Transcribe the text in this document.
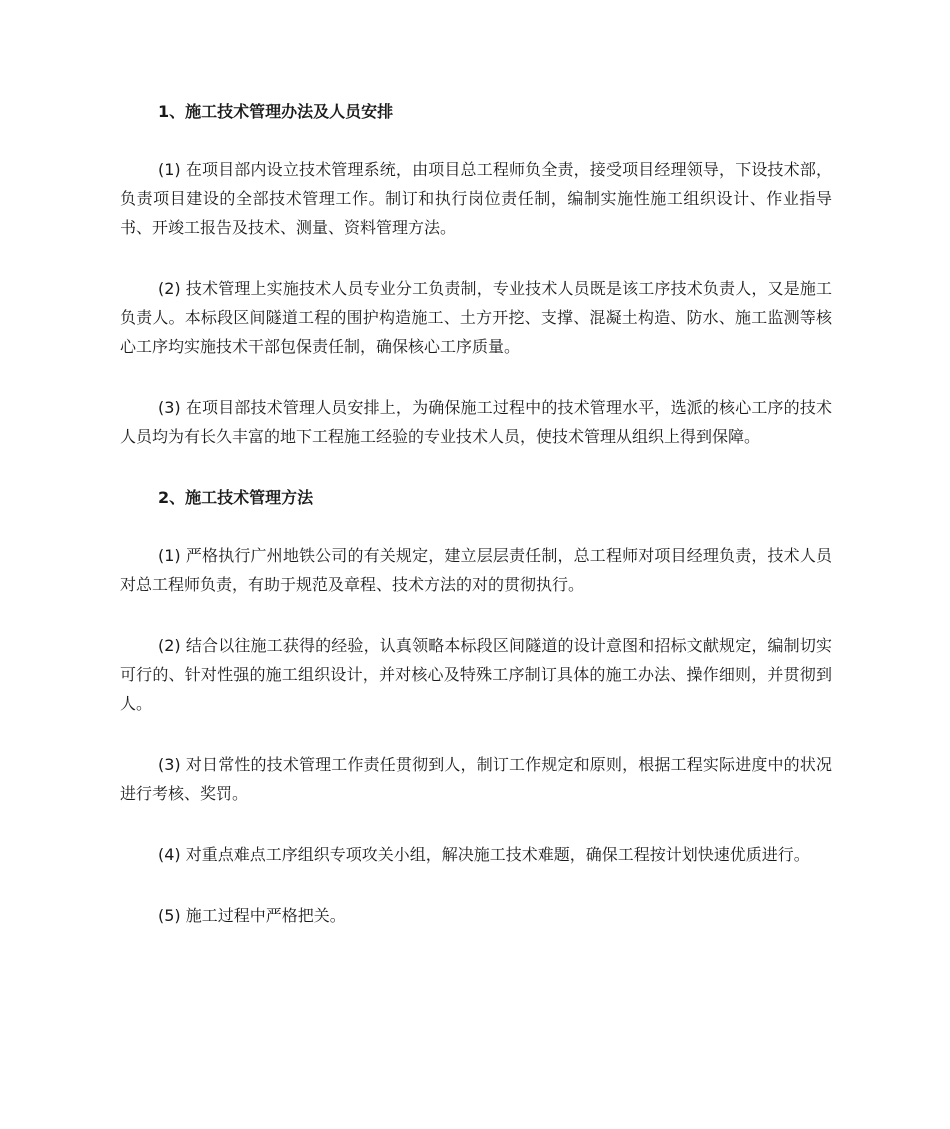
1、施工技术管理办法及人员安排

(1) 在项目部内设立技术管理系统，由项目总工程师负全责，接受项目经理领导，下设技术部，负责项目建设的全部技术管理工作。制订和执行岗位责任制，编制实施性施工组织设计、作业指导书、开竣工报告及技术、测量、资料管理方法。

(2) 技术管理上实施技术人员专业分工负责制，专业技术人员既是该工序技术负责人，又是施工负责人。本标段区间隧道工程的围护构造施工、土方开挖、支撑、混凝土构造、防水、施工监测等核心工序均实施技术干部包保责任制，确保核心工序质量。

(3) 在项目部技术管理人员安排上，为确保施工过程中的技术管理水平，选派的核心工序的技术人员均为有长久丰富的地下工程施工经验的专业技术人员，使技术管理从组织上得到保障。

2、施工技术管理方法

(1) 严格执行广州地铁公司的有关规定，建立层层责任制，总工程师对项目经理负责，技术人员对总工程师负责，有助于规范及章程、技术方法的对的贯彻执行。

(2) 结合以往施工获得的经验，认真领略本标段区间隧道的设计意图和招标文献规定，编制切实可行的、针对性强的施工组织设计，并对核心及特殊工序制订具体的施工办法、操作细则，并贯彻到人。

(3) 对日常性的技术管理工作责任贯彻到人，制订工作规定和原则，根据工程实际进度中的状况进行考核、奖罚。

(4) 对重点难点工序组织专项攻关小组，解决施工技术难题，确保工程按计划快速优质进行。

(5) 施工过程中严格把关。
